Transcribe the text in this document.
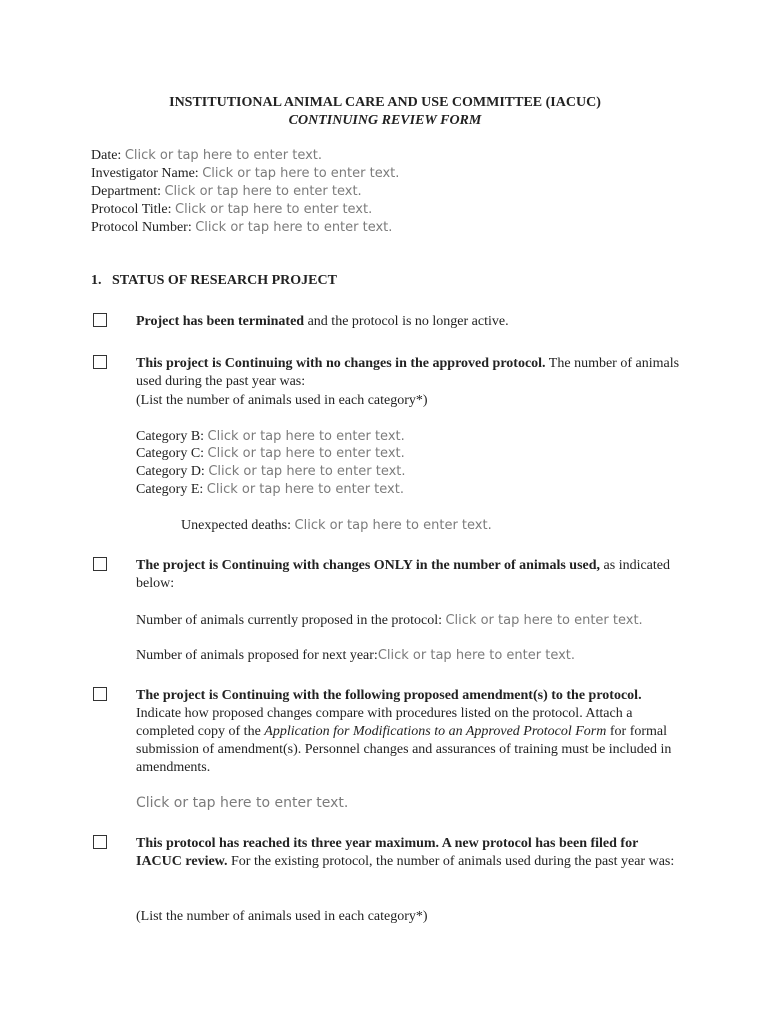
INSTITUTIONAL ANIMAL CARE AND USE COMMITTEE (IACUC)
CONTINUING REVIEW FORM
Date: Click or tap here to enter text.
Investigator Name: Click or tap here to enter text.
Department: Click or tap here to enter text.
Protocol Title: Click or tap here to enter text.
Protocol Number: Click or tap here to enter text.
1.   STATUS OF RESEARCH PROJECT
Project has been terminated and the protocol is no longer active.
This project is Continuing with no changes in the approved protocol. The number of animals used during the past year was:
(List the number of animals used in each category*)
Category B: Click or tap here to enter text.
Category C: Click or tap here to enter text.
Category D: Click or tap here to enter text.
Category E: Click or tap here to enter text.
Unexpected deaths: Click or tap here to enter text.
The project is Continuing with changes ONLY in the number of animals used, as indicated below:
Number of animals currently proposed in the protocol: Click or tap here to enter text.
Number of animals proposed for next year:Click or tap here to enter text.
The project is Continuing with the following proposed amendment(s) to the protocol. Indicate how proposed changes compare with procedures listed on the protocol. Attach a completed copy of the Application for Modifications to an Approved Protocol Form for formal submission of amendment(s). Personnel changes and assurances of training must be included in amendments.
Click or tap here to enter text.
This protocol has reached its three year maximum. A new protocol has been filed for IACUC review. For the existing protocol, the number of animals used during the past year was:
(List the number of animals used in each category*)
